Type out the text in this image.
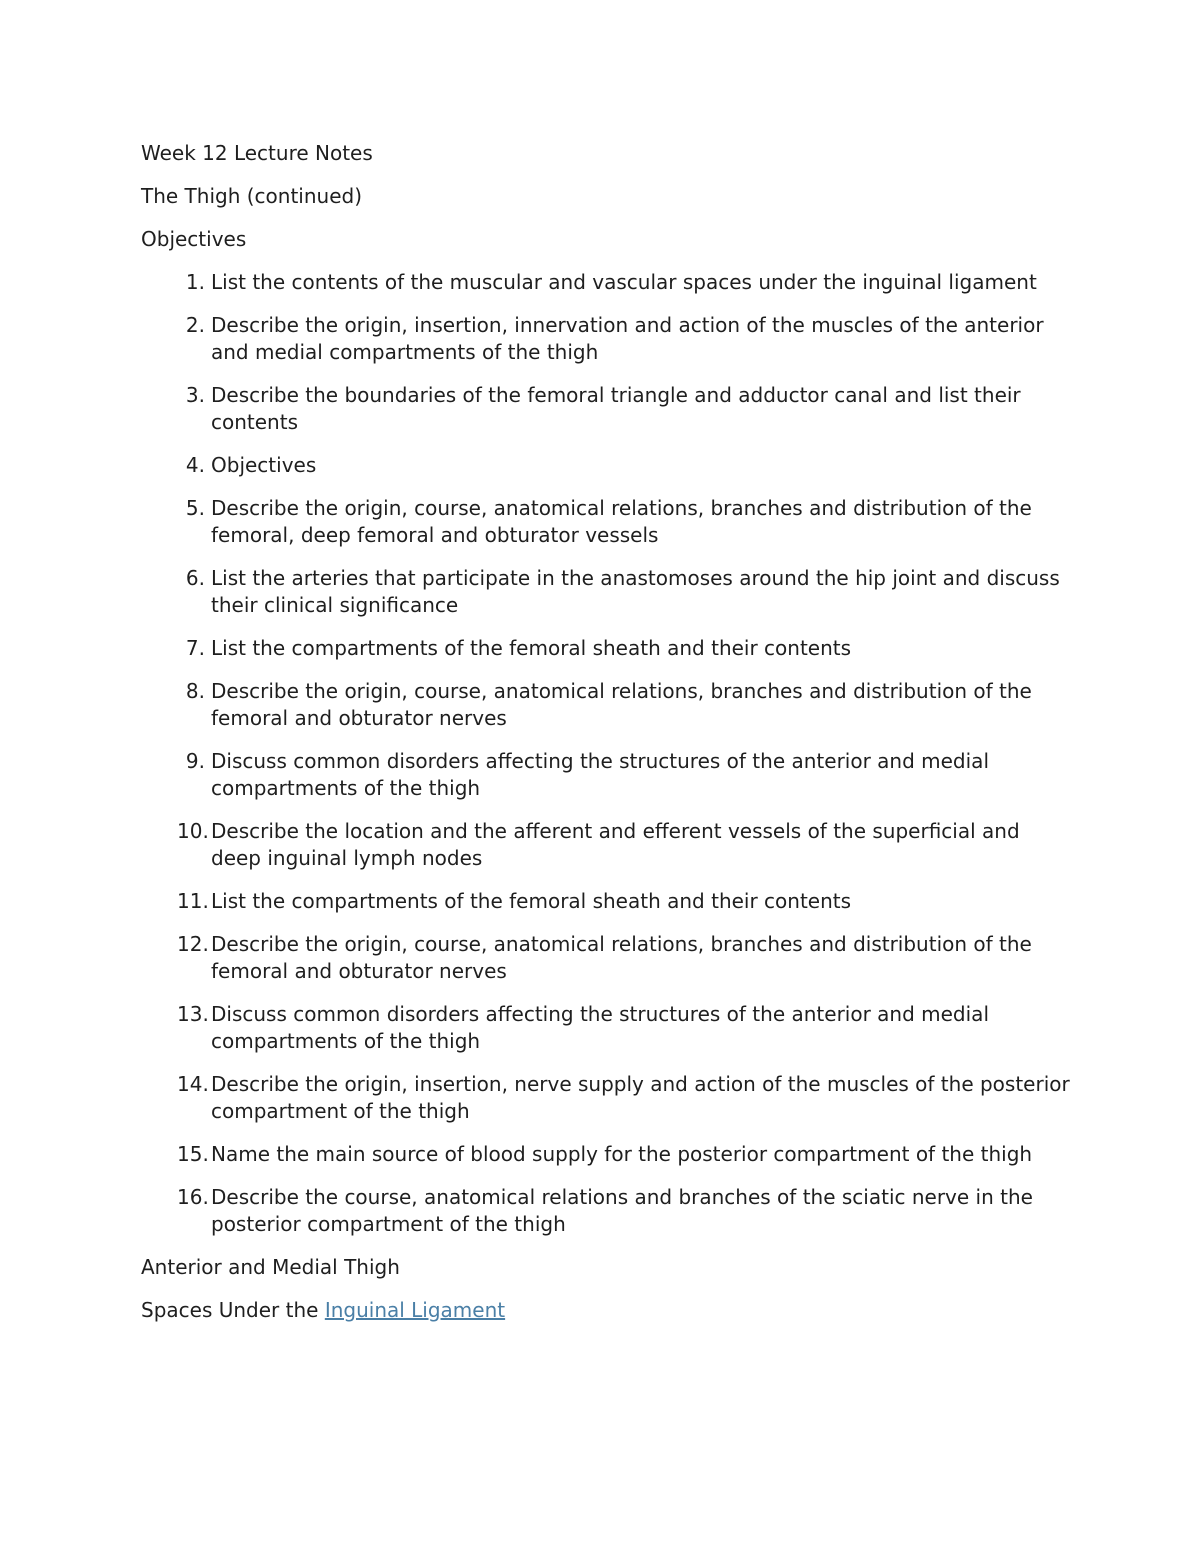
Week 12 Lecture Notes

The Thigh (continued)

Objectives

1. List the contents of the muscular and vascular spaces under the inguinal ligament
2. Describe the origin, insertion, innervation and action of the muscles of the anterior and medial compartments of the thigh
3. Describe the boundaries of the femoral triangle and adductor canal and list their contents
4. Objectives
5. Describe the origin, course, anatomical relations, branches and distribution of the femoral, deep femoral and obturator vessels
6. List the arteries that participate in the anastomoses around the hip joint and discuss their clinical significance
7. List the compartments of the femoral sheath and their contents
8. Describe the origin, course, anatomical relations, branches and distribution of the femoral and obturator nerves
9. Discuss common disorders affecting the structures of the anterior and medial compartments of the thigh
10. Describe the location and the afferent and efferent vessels of the superficial and deep inguinal lymph nodes
11. List the compartments of the femoral sheath and their contents
12. Describe the origin, course, anatomical relations, branches and distribution of the femoral and obturator nerves
13. Discuss common disorders affecting the structures of the anterior and medial compartments of the thigh
14. Describe the origin, insertion, nerve supply and action of the muscles of the posterior compartment of the thigh
15. Name the main source of blood supply for the posterior compartment of the thigh
16. Describe the course, anatomical relations and branches of the sciatic nerve in the posterior compartment of the thigh

Anterior and Medial Thigh

Spaces Under the Inguinal Ligament
